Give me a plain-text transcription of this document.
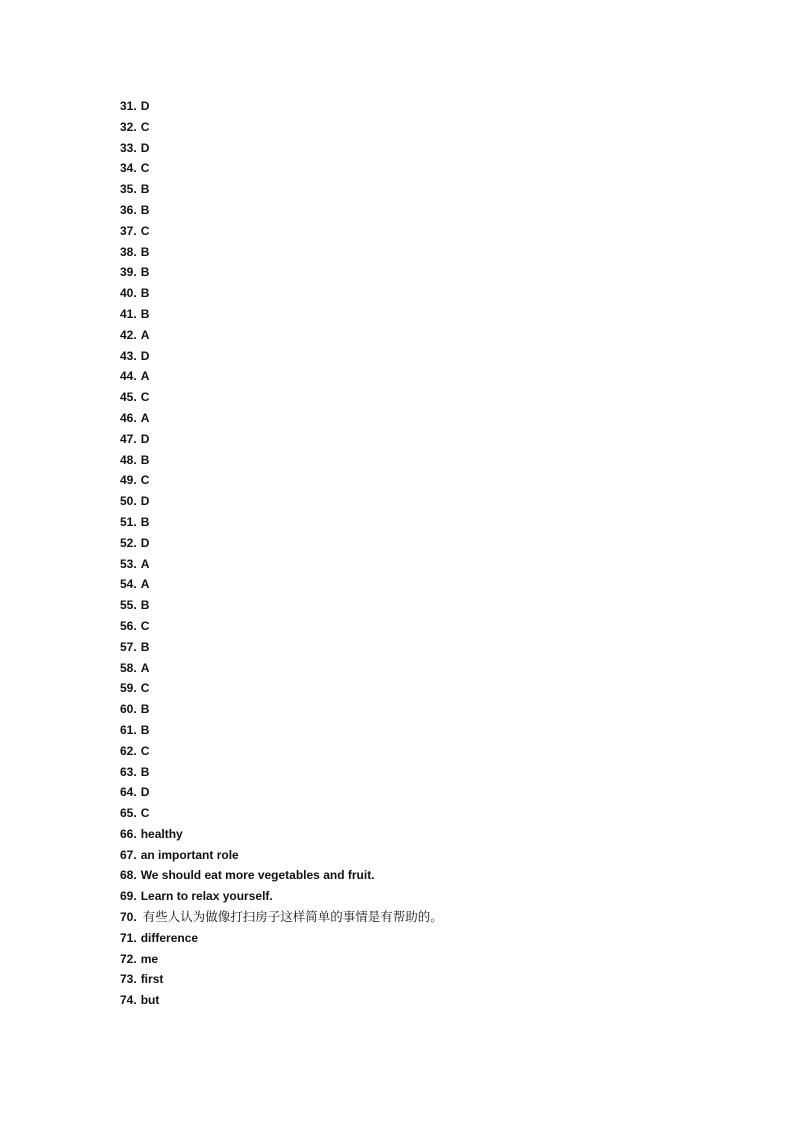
31. D
32. C
33. D
34. C
35. B
36. B
37. C
38. B
39. B
40. B
41. B
42. A
43. D
44. A
45. C
46. A
47. D
48. B
49. C
50. D
51. B
52. D
53. A
54. A
55. B
56. C
57. B
58. A
59. C
60. B
61. B
62. C
63. B
64. D
65. C
66. healthy
67. an important role
68. We should eat more vegetables and fruit.
69. Learn to relax yourself.
70. 有些人认为做像打扫房子这样简单的事情是有帮助的。
71. difference
72. me
73. first
74. but
